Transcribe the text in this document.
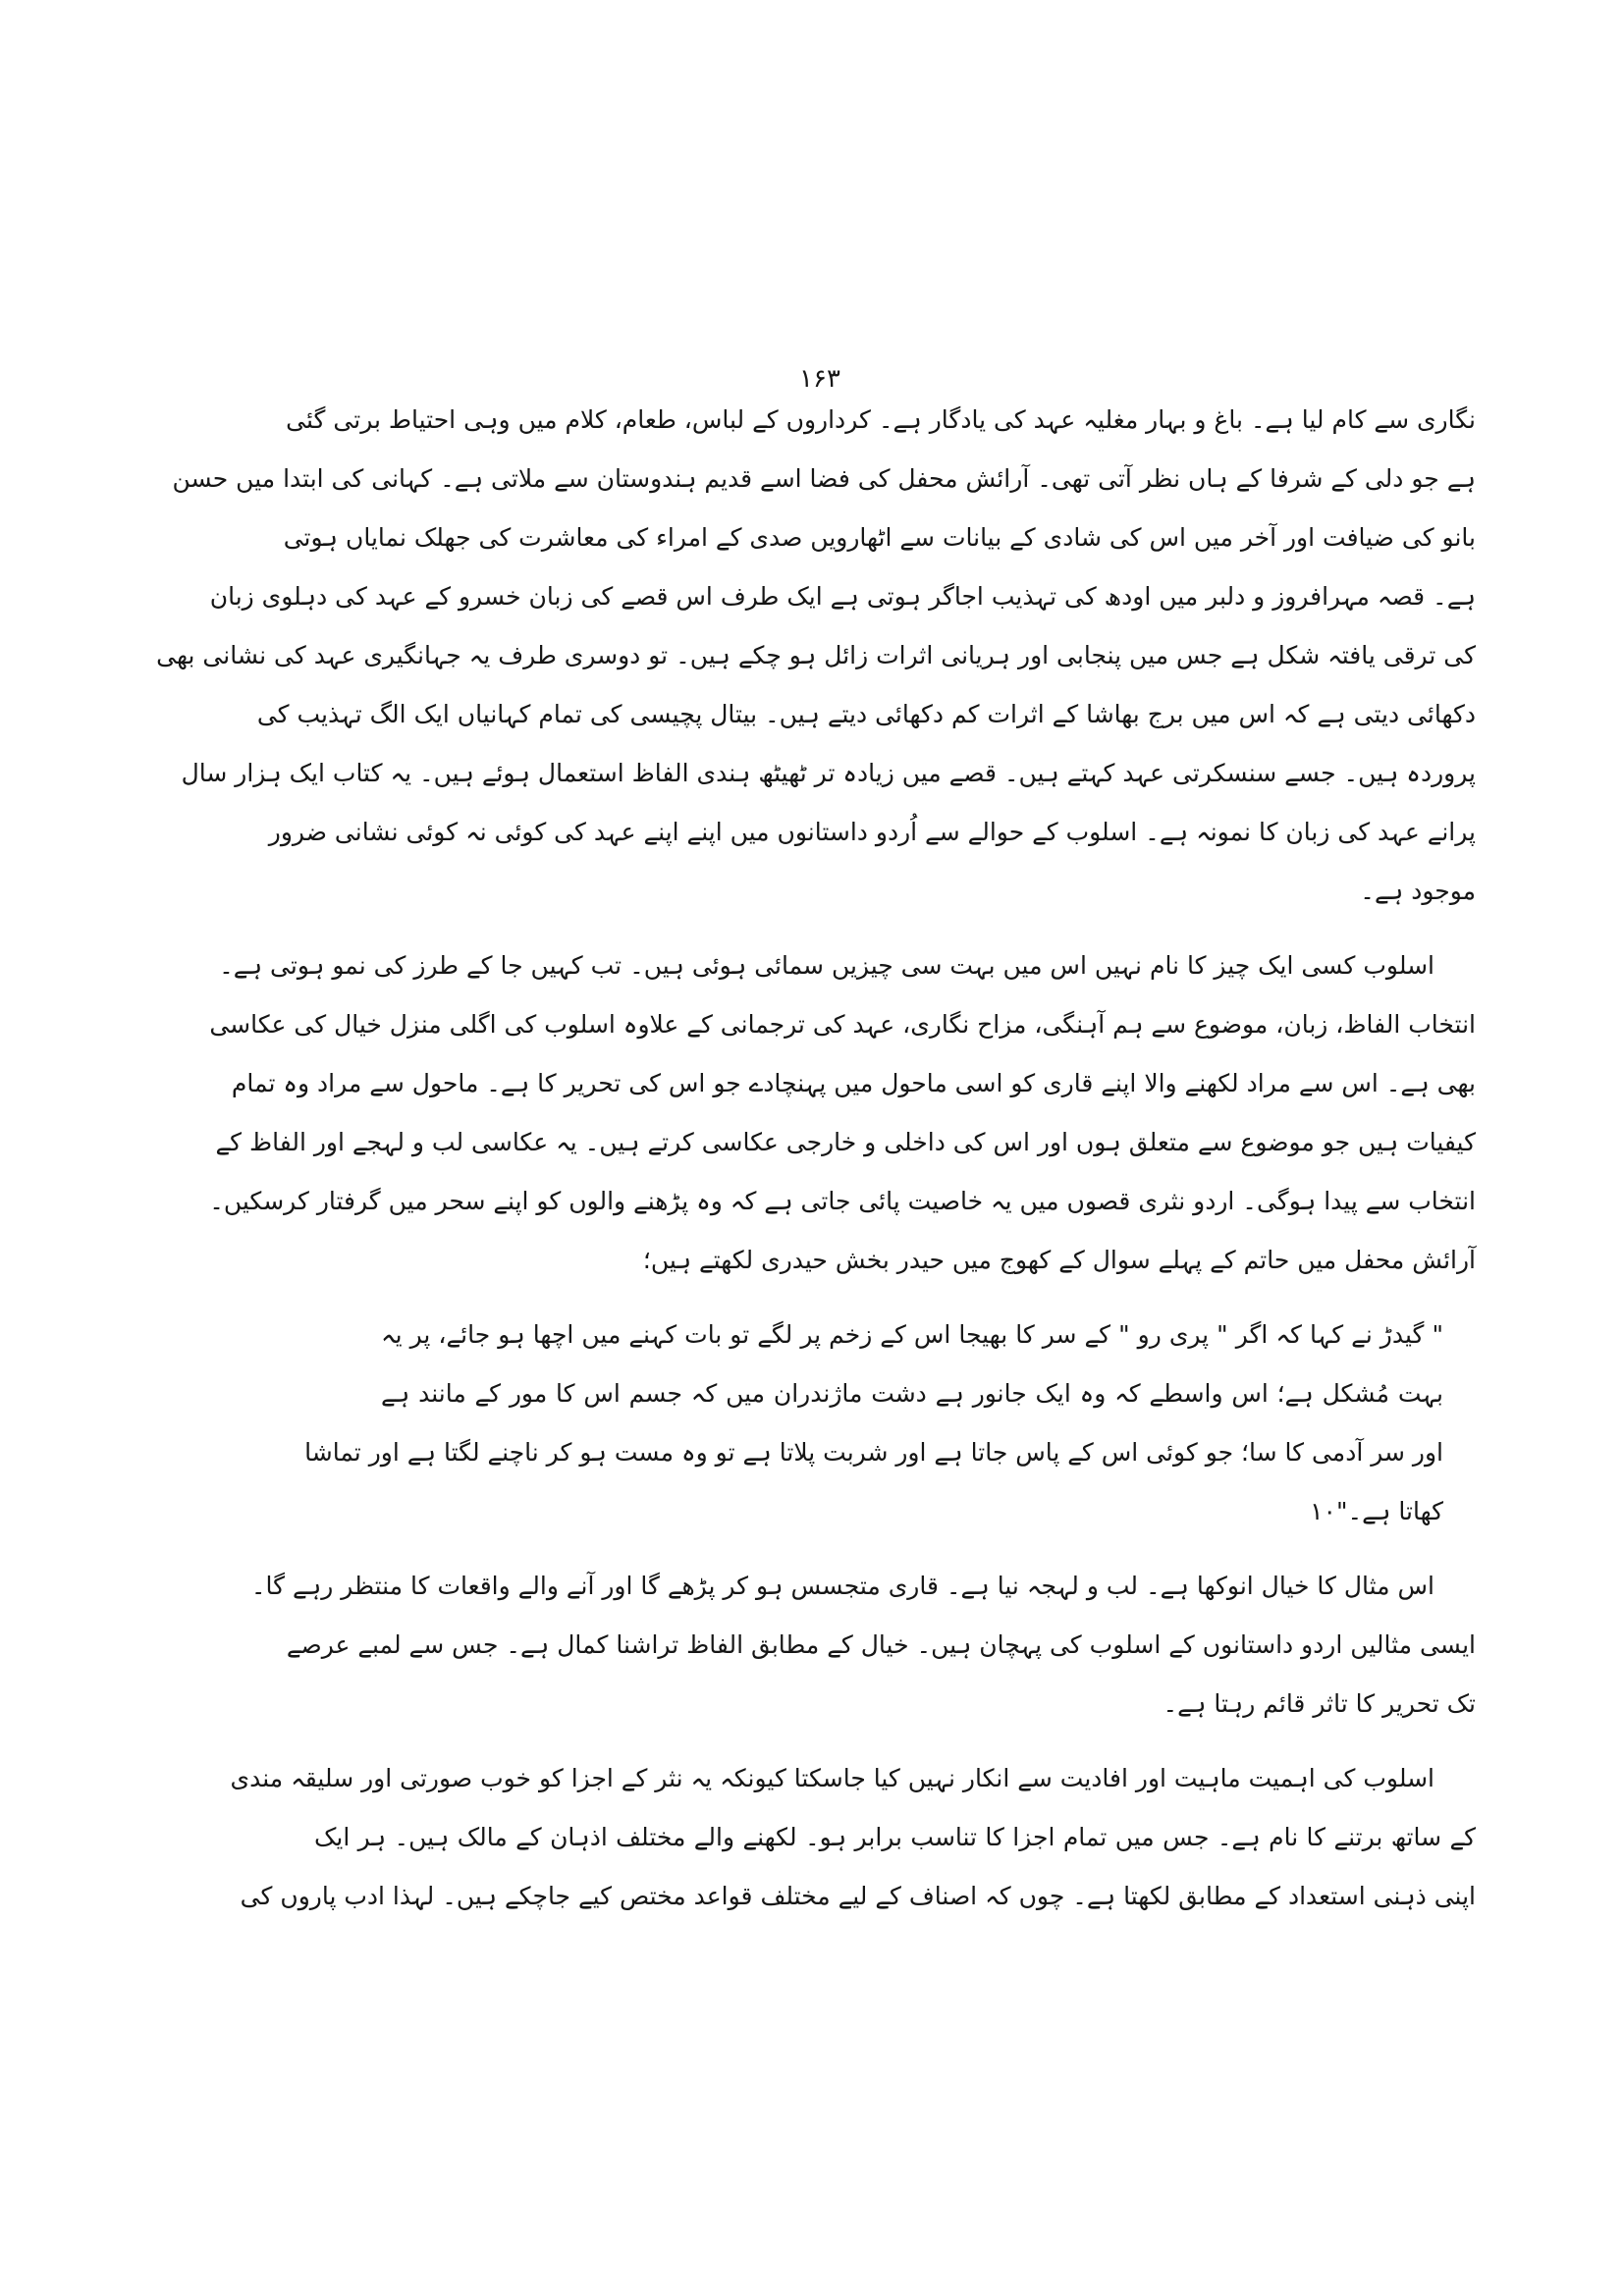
۱۶۳
نگاری سے کام لیا ہے۔ باغ و بہار مغلیہ عہد کی یادگار ہے۔ کرداروں کے لباس، طعام، کلام میں وہی احتیاط برتی گئی
ہے جو دلی کے شرفا کے ہاں نظر آتی تھی۔ آرائش محفل کی فضا اسے قدیم ہندوستان سے ملاتی ہے۔ کہانی کی ابتدا میں حسن
بانو کی ضیافت اور آخر میں اس کی شادی کے بیانات سے اٹھارویں صدی کے امراء کی معاشرت کی جھلک نمایاں ہوتی
ہے۔ قصہ مہرافروز و دلبر میں اودھ کی تہذیب اجاگر ہوتی ہے ایک طرف اس قصے کی زبان خسرو کے عہد کی دہلوی زبان
کی ترقی یافتہ شکل ہے جس میں پنجابی اور ہریانی اثرات زائل ہو چکے ہیں۔ تو دوسری طرف یہ جہانگیری عہد کی نشانی بھی
دکھائی دیتی ہے کہ اس میں برج بھاشا کے اثرات کم دکھائی دیتے ہیں۔ بیتال پچیسی کی تمام کہانیاں ایک الگ تہذیب کی
پروردہ ہیں۔ جسے سنسکرتی عہد کہتے ہیں۔ قصے میں زیادہ تر ٹھیٹھ ہندی الفاظ استعمال ہوئے ہیں۔ یہ کتاب ایک ہزار سال
پرانے عہد کی زبان کا نمونہ ہے۔ اسلوب کے حوالے سے اُردو داستانوں میں اپنے اپنے عہد کی کوئی نہ کوئی نشانی ضرور
موجود ہے۔
اسلوب کسی ایک چیز کا نام نہیں اس میں بہت سی چیزیں سمائی ہوئی ہیں۔ تب کہیں جا کے طرز کی نمو ہوتی ہے۔
انتخاب الفاظ، زبان، موضوع سے ہم آہنگی، مزاح نگاری، عہد کی ترجمانی کے علاوہ اسلوب کی اگلی منزل خیال کی عکاسی
بھی ہے۔ اس سے مراد لکھنے والا اپنے قاری کو اسی ماحول میں پہنچادے جو اس کی تحریر کا ہے۔ ماحول سے مراد وہ تمام
کیفیات ہیں جو موضوع سے متعلق ہوں اور اس کی داخلی و خارجی عکاسی کرتے ہیں۔ یہ عکاسی لب و لہجے اور الفاظ کے
انتخاب سے پیدا ہوگی۔ اردو نثری قصوں میں یہ خاصیت پائی جاتی ہے کہ وہ پڑھنے والوں کو اپنے سحر میں گرفتار کرسکیں۔
آرائش محفل میں حاتم کے پہلے سوال کے کھوج میں حیدر بخش حیدری لکھتے ہیں؛
" گیدڑ نے کہا کہ اگر " پری رو " کے سر کا بھیجا اس کے زخم پر لگے تو بات کہنے میں اچھا ہو جائے، پر یہ
بہت مُشکل ہے؛ اس واسطے کہ وہ ایک جانور ہے دشت ماژندران میں کہ جسم اس کا مور کے مانند ہے
اور سر آدمی کا سا؛ جو کوئی اس کے پاس جاتا ہے اور شربت پلاتا ہے تو وہ مست ہو کر ناچنے لگتا ہے اور تماشا
کھاتا ہے۔"۱۰
اس مثال کا خیال انوکھا ہے۔ لب و لہجہ نیا ہے۔ قاری متجسس ہو کر پڑھے گا اور آنے والے واقعات کا منتظر رہے گا۔
ایسی مثالیں اردو داستانوں کے اسلوب کی پہچان ہیں۔ خیال کے مطابق الفاظ تراشنا کمال ہے۔ جس سے لمبے عرصے
تک تحریر کا تاثر قائم رہتا ہے۔
اسلوب کی اہمیت ماہیت اور افادیت سے انکار نہیں کیا جاسکتا کیونکہ یہ نثر کے اجزا کو خوب صورتی اور سلیقہ مندی
کے ساتھ برتنے کا نام ہے۔ جس میں تمام اجزا کا تناسب برابر ہو۔ لکھنے والے مختلف اذہان کے مالک ہیں۔ ہر ایک
اپنی ذہنی استعداد کے مطابق لکھتا ہے۔ چوں کہ اصناف کے لیے مختلف قواعد مختص کیے جاچکے ہیں۔ لہذا ادب پاروں کی
